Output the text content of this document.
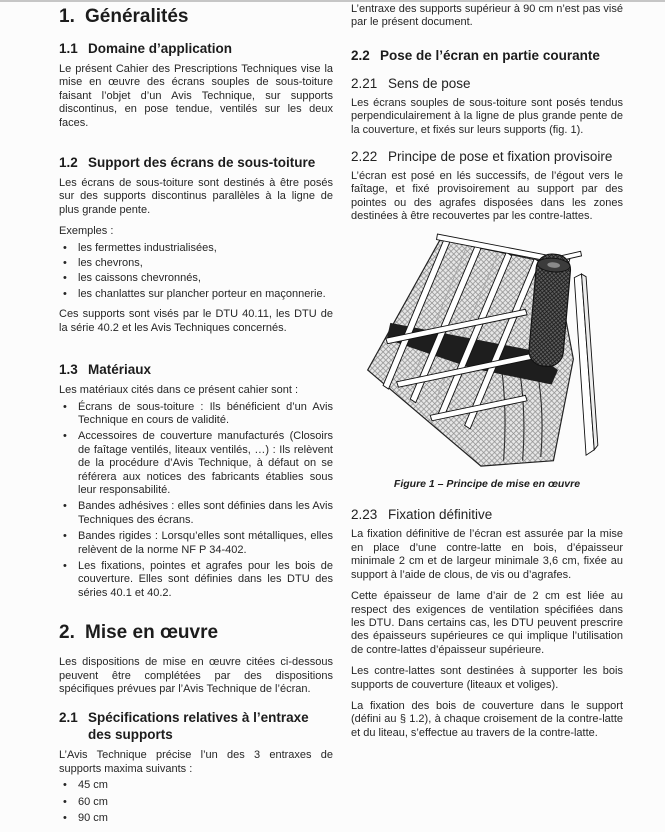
1. Généralités
1.1 Domaine d’application

Le présent Cahier des Prescriptions Techniques vise la mise en œuvre des écrans souples de sous-toiture faisant l’objet d’un Avis Technique, sur supports discontinus, en pose tendue, ventilés sur les deux faces.

1.2 Support des écrans de sous-toiture

Les écrans de sous-toiture sont destinés à être posés sur des supports discontinus parallèles à la ligne de plus grande pente.

Exemples :

• les fermettes industrialisées,
• les chevrons,
• les caissons chevronnés,
• les chanlattes sur plancher porteur en maçonnerie.

Ces supports sont visés par le DTU 40.11, les DTU de la série 40.2 et les Avis Techniques concernés.

1.3 Matériaux

Les matériaux cités dans ce présent cahier sont :

• Écrans de sous-toiture : Ils bénéficient d’un Avis Technique en cours de validité.
• Accessoires de couverture manufacturés (Closoirs de faîtage ventilés, liteaux ventilés, …) : Ils relèvent de la procédure d’Avis Technique, à défaut on se référera aux notices des fabricants établies sous leur responsabilité.
• Bandes adhésives : elles sont définies dans les Avis Techniques des écrans.
• Bandes rigides : Lorsqu’elles sont métalliques, elles relèvent de la norme NF P 34-402.
• Les fixations, pointes et agrafes pour les bois de couverture. Elles sont définies dans les DTU des séries 40.1 et 40.2.
2. Mise en œuvre

Les dispositions de mise en œuvre citées ci-dessous peuvent être complétées par des dispositions spécifiques prévues par l’Avis Technique de l’écran.

2.1 Spécifications relatives à l’entraxe des supports

L’Avis Technique précise l’un des 3 entraxes de supports maxima suivants :

• 45 cm
• 60 cm
• 90 cm

L’entraxe des supports supérieur à 90 cm n’est pas visé par le présent document.

2.2 Pose de l’écran en partie courante
2.21 Sens de pose

Les écrans souples de sous-toiture sont posés tendus perpendiculairement à la ligne de plus grande pente de la couverture, et fixés sur leurs supports (fig. 1).

2.22 Principe de pose et fixation provisoire

L’écran est posé en lés successifs, de l’égout vers le faîtage, et fixé provisoirement au support par des pointes ou des agrafes disposées dans les zones destinées à être recouvertes par les contre-lattes.

Figure 1 – Principe de mise en œuvre
2.23 Fixation définitive

La fixation définitive de l’écran est assurée par la mise en place d’une contre-latte en bois, d’épaisseur minimale 2 cm et de largeur minimale 3,6 cm, fixée au support à l’aide de clous, de vis ou d’agrafes.

Cette épaisseur de lame d’air de 2 cm est liée au respect des exigences de ventilation spécifiées dans les DTU. Dans certains cas, les DTU peuvent prescrire des épaisseurs supérieures ce qui implique l’utilisation de contre-lattes d’épaisseur supérieure.

Les contre-lattes sont destinées à supporter les bois supports de couverture (liteaux et voliges).

La fixation des bois de couverture dans le support (défini au § 1.2), à chaque croisement de la contre-latte et du liteau, s’effectue au travers de la contre-latte.
